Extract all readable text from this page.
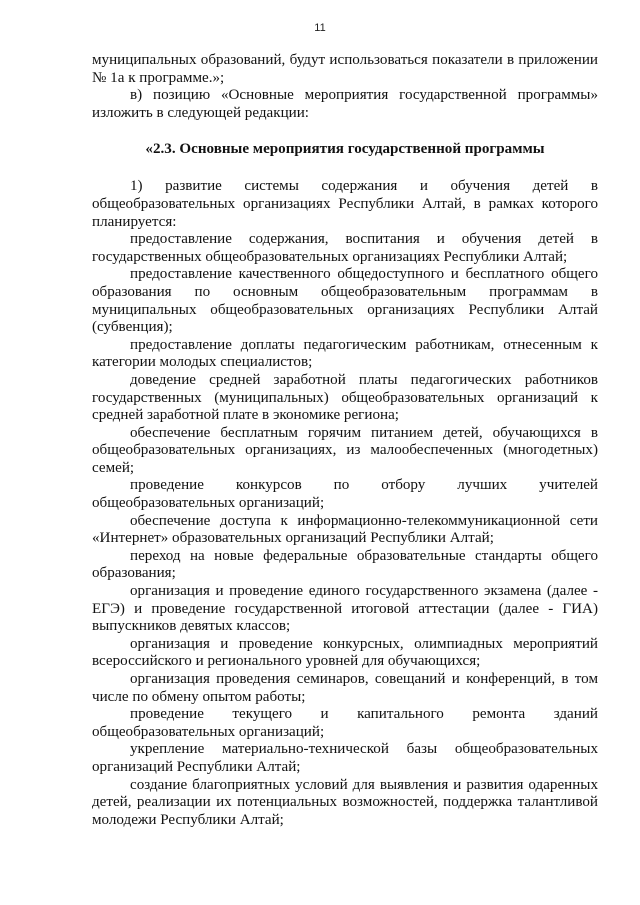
11

муниципальных образований, будут использоваться показатели в приложении № 1а к программе.»;

в) позицию «Основные мероприятия государственной программы» изложить в следующей редакции:

«2.3. Основные мероприятия государственной программы

1) развитие системы содержания и обучения детей в общеобразовательных организациях Республики Алтай, в рамках которого планируется:

предоставление содержания, воспитания и обучения детей в государственных общеобразовательных организациях Республики Алтай;

предоставление качественного общедоступного и бесплатного общего образования по основным общеобразовательным программам в муниципальных общеобразовательных организациях Республики Алтай (субвенция);

предоставление доплаты педагогическим работникам, отнесенным к категории молодых специалистов;

доведение средней заработной платы педагогических работников государственных (муниципальных) общеобразовательных организаций к средней заработной плате в экономике региона;

обеспечение бесплатным горячим питанием детей, обучающихся в общеобразовательных организациях, из малообеспеченных (многодетных) семей;

проведение конкурсов по отбору лучших учителей общеобразовательных организаций;

обеспечение доступа к информационно-телекоммуникационной сети «Интернет» образовательных организаций Республики Алтай;

переход на новые федеральные образовательные стандарты общего образования;

организация и проведение единого государственного экзамена (далее - ЕГЭ) и проведение государственной итоговой аттестации (далее - ГИА) выпускников девятых классов;

организация и проведение конкурсных, олимпиадных мероприятий всероссийского и регионального уровней для обучающихся;

организация проведения семинаров, совещаний и конференций, в том числе по обмену опытом работы;

проведение текущего и капитального ремонта зданий общеобразовательных организаций;

укрепление материально-технической базы общеобразовательных организаций Республики Алтай;

создание благоприятных условий для выявления и развития одаренных детей, реализации их потенциальных возможностей, поддержка талантливой молодежи Республики Алтай;
